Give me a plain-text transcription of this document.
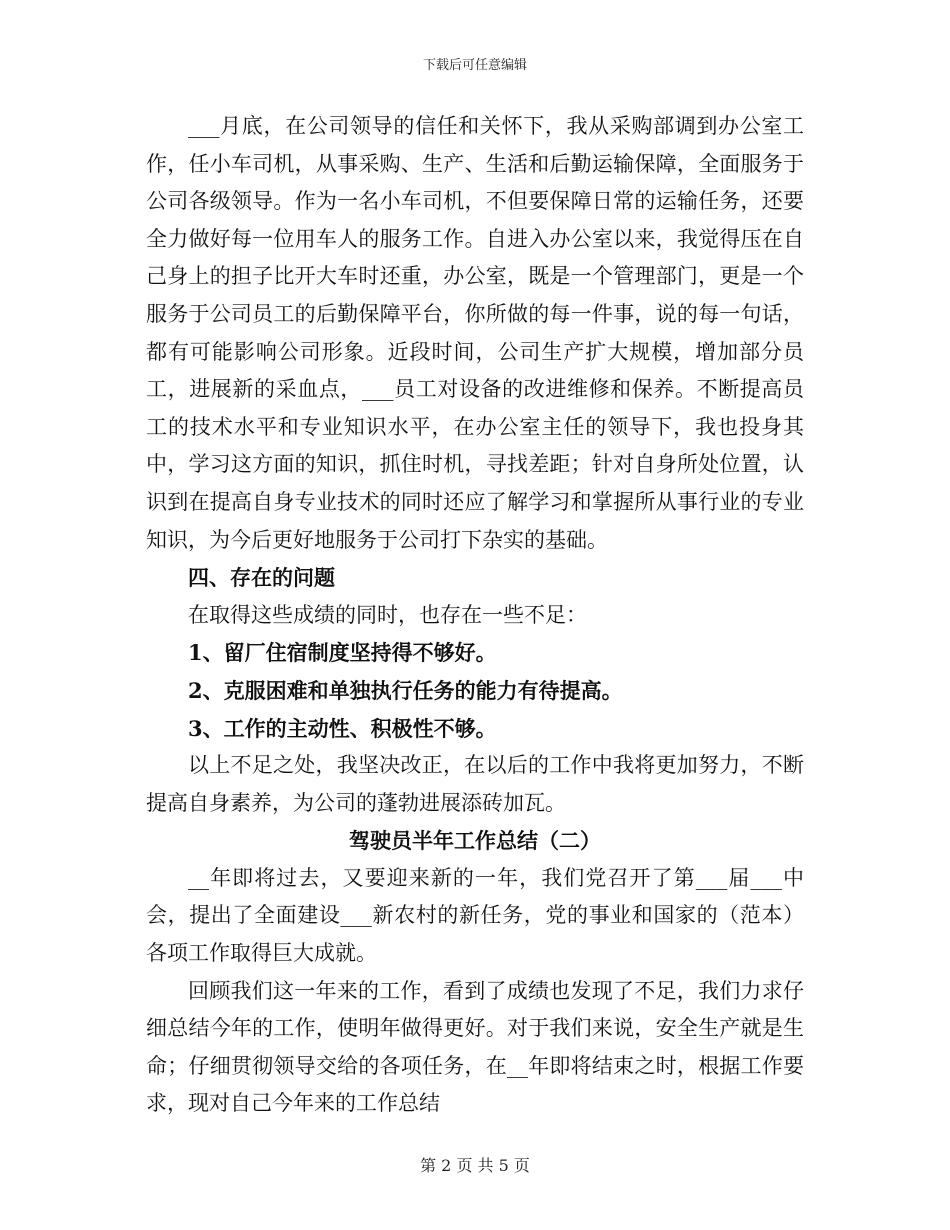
下载后可任意编辑

___月底，在公司领导的信任和关怀下，我从采购部调到办公室工作，任小车司机，从事采购、生产、生活和后勤运输保障，全面服务于公司各级领导。作为一名小车司机，不但要保障日常的运输任务，还要全力做好每一位用车人的服务工作。自进入办公室以来，我觉得压在自己身上的担子比开大车时还重，办公室，既是一个管理部门，更是一个服务于公司员工的后勤保障平台，你所做的每一件事，说的每一句话，都有可能影响公司形象。近段时间，公司生产扩大规模，增加部分员工，进展新的采血点，___员工对设备的改进维修和保养。不断提高员工的技术水平和专业知识水平，在办公室主任的领导下，我也投身其中，学习这方面的知识，抓住时机，寻找差距；针对自身所处位置，认识到在提高自身专业技术的同时还应了解学习和掌握所从事行业的专业知识，为今后更好地服务于公司打下杂实的基础。

四、存在的问题

在取得这些成绩的同时，也存在一些不足：

1、留厂住宿制度坚持得不够好。

2、克服困难和单独执行任务的能力有待提高。

3、工作的主动性、积极性不够。

以上不足之处，我坚决改正，在以后的工作中我将更加努力，不断提高自身素养，为公司的蓬勃进展添砖加瓦。

驾驶员半年工作总结（二）

__年即将过去，又要迎来新的一年，我们党召开了第___届___中会，提出了全面建设___新农村的新任务，党的事业和国家的（范本）各项工作取得巨大成就。

回顾我们这一年来的工作，看到了成绩也发现了不足，我们力求仔细总结今年的工作，使明年做得更好。对于我们来说，安全生产就是生命；仔细贯彻领导交给的各项任务，在__年即将结束之时，根据工作要求，现对自己今年来的工作总结

第 2 页 共 5 页
